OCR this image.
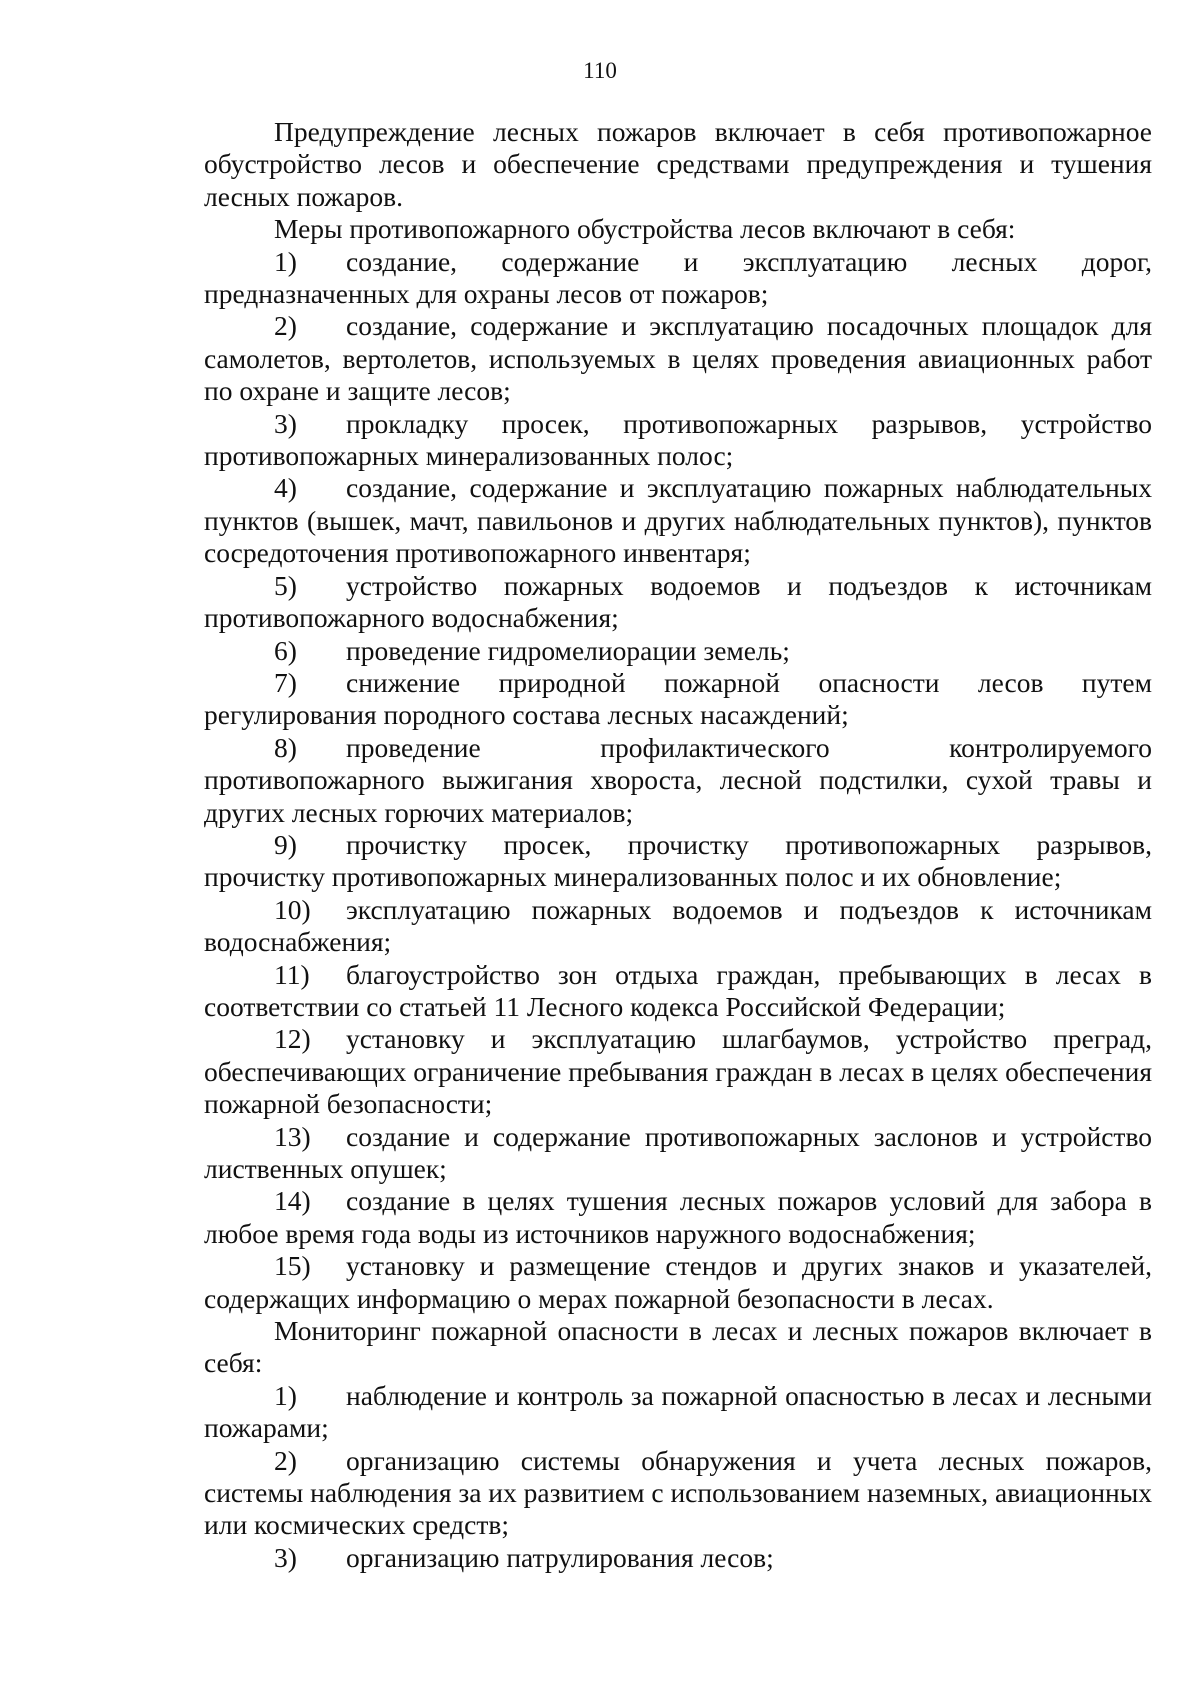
110

Предупреждение лесных пожаров включает в себя противопожарное обустройство лесов и обеспечение средствами предупреждения и тушения лесных пожаров.

Меры противопожарного обустройства лесов включают в себя:

1) создание, содержание и эксплуатацию лесных дорог, предназначенных для охраны лесов от пожаров;

2) создание, содержание и эксплуатацию посадочных площадок для самолетов, вертолетов, используемых в целях проведения авиационных работ по охране и защите лесов;

3) прокладку просек, противопожарных разрывов, устройство противопожарных минерализованных полос;

4) создание, содержание и эксплуатацию пожарных наблюдательных пунктов (вышек, мачт, павильонов и других наблюдательных пунктов), пунктов сосредоточения противопожарного инвентаря;

5) устройство пожарных водоемов и подъездов к источникам противопожарного водоснабжения;

6) проведение гидромелиорации земель;

7) снижение природной пожарной опасности лесов путем регулирования породного состава лесных насаждений;

8) проведение профилактического контролируемого противопожарного выжигания хвороста, лесной подстилки, сухой травы и других лесных горючих материалов;

9) прочистку просек, прочистку противопожарных разрывов, прочистку противопожарных минерализованных полос и их обновление;

10) эксплуатацию пожарных водоемов и подъездов к источникам водоснабжения;

11) благоустройство зон отдыха граждан, пребывающих в лесах в соответствии со статьей 11 Лесного кодекса Российской Федерации;

12) установку и эксплуатацию шлагбаумов, устройство преград, обеспечивающих ограничение пребывания граждан в лесах в целях обеспечения пожарной безопасности;

13) создание и содержание противопожарных заслонов и устройство лиственных опушек;

14) создание в целях тушения лесных пожаров условий для забора в любое время года воды из источников наружного водоснабжения;

15) установку и размещение стендов и других знаков и указателей, содержащих информацию о мерах пожарной безопасности в лесах.

Мониторинг пожарной опасности в лесах и лесных пожаров включает в себя:

1) наблюдение и контроль за пожарной опасностью в лесах и лесными пожарами;

2) организацию системы обнаружения и учета лесных пожаров, системы наблюдения за их развитием с использованием наземных, авиационных или космических средств;

3) организацию патрулирования лесов;
